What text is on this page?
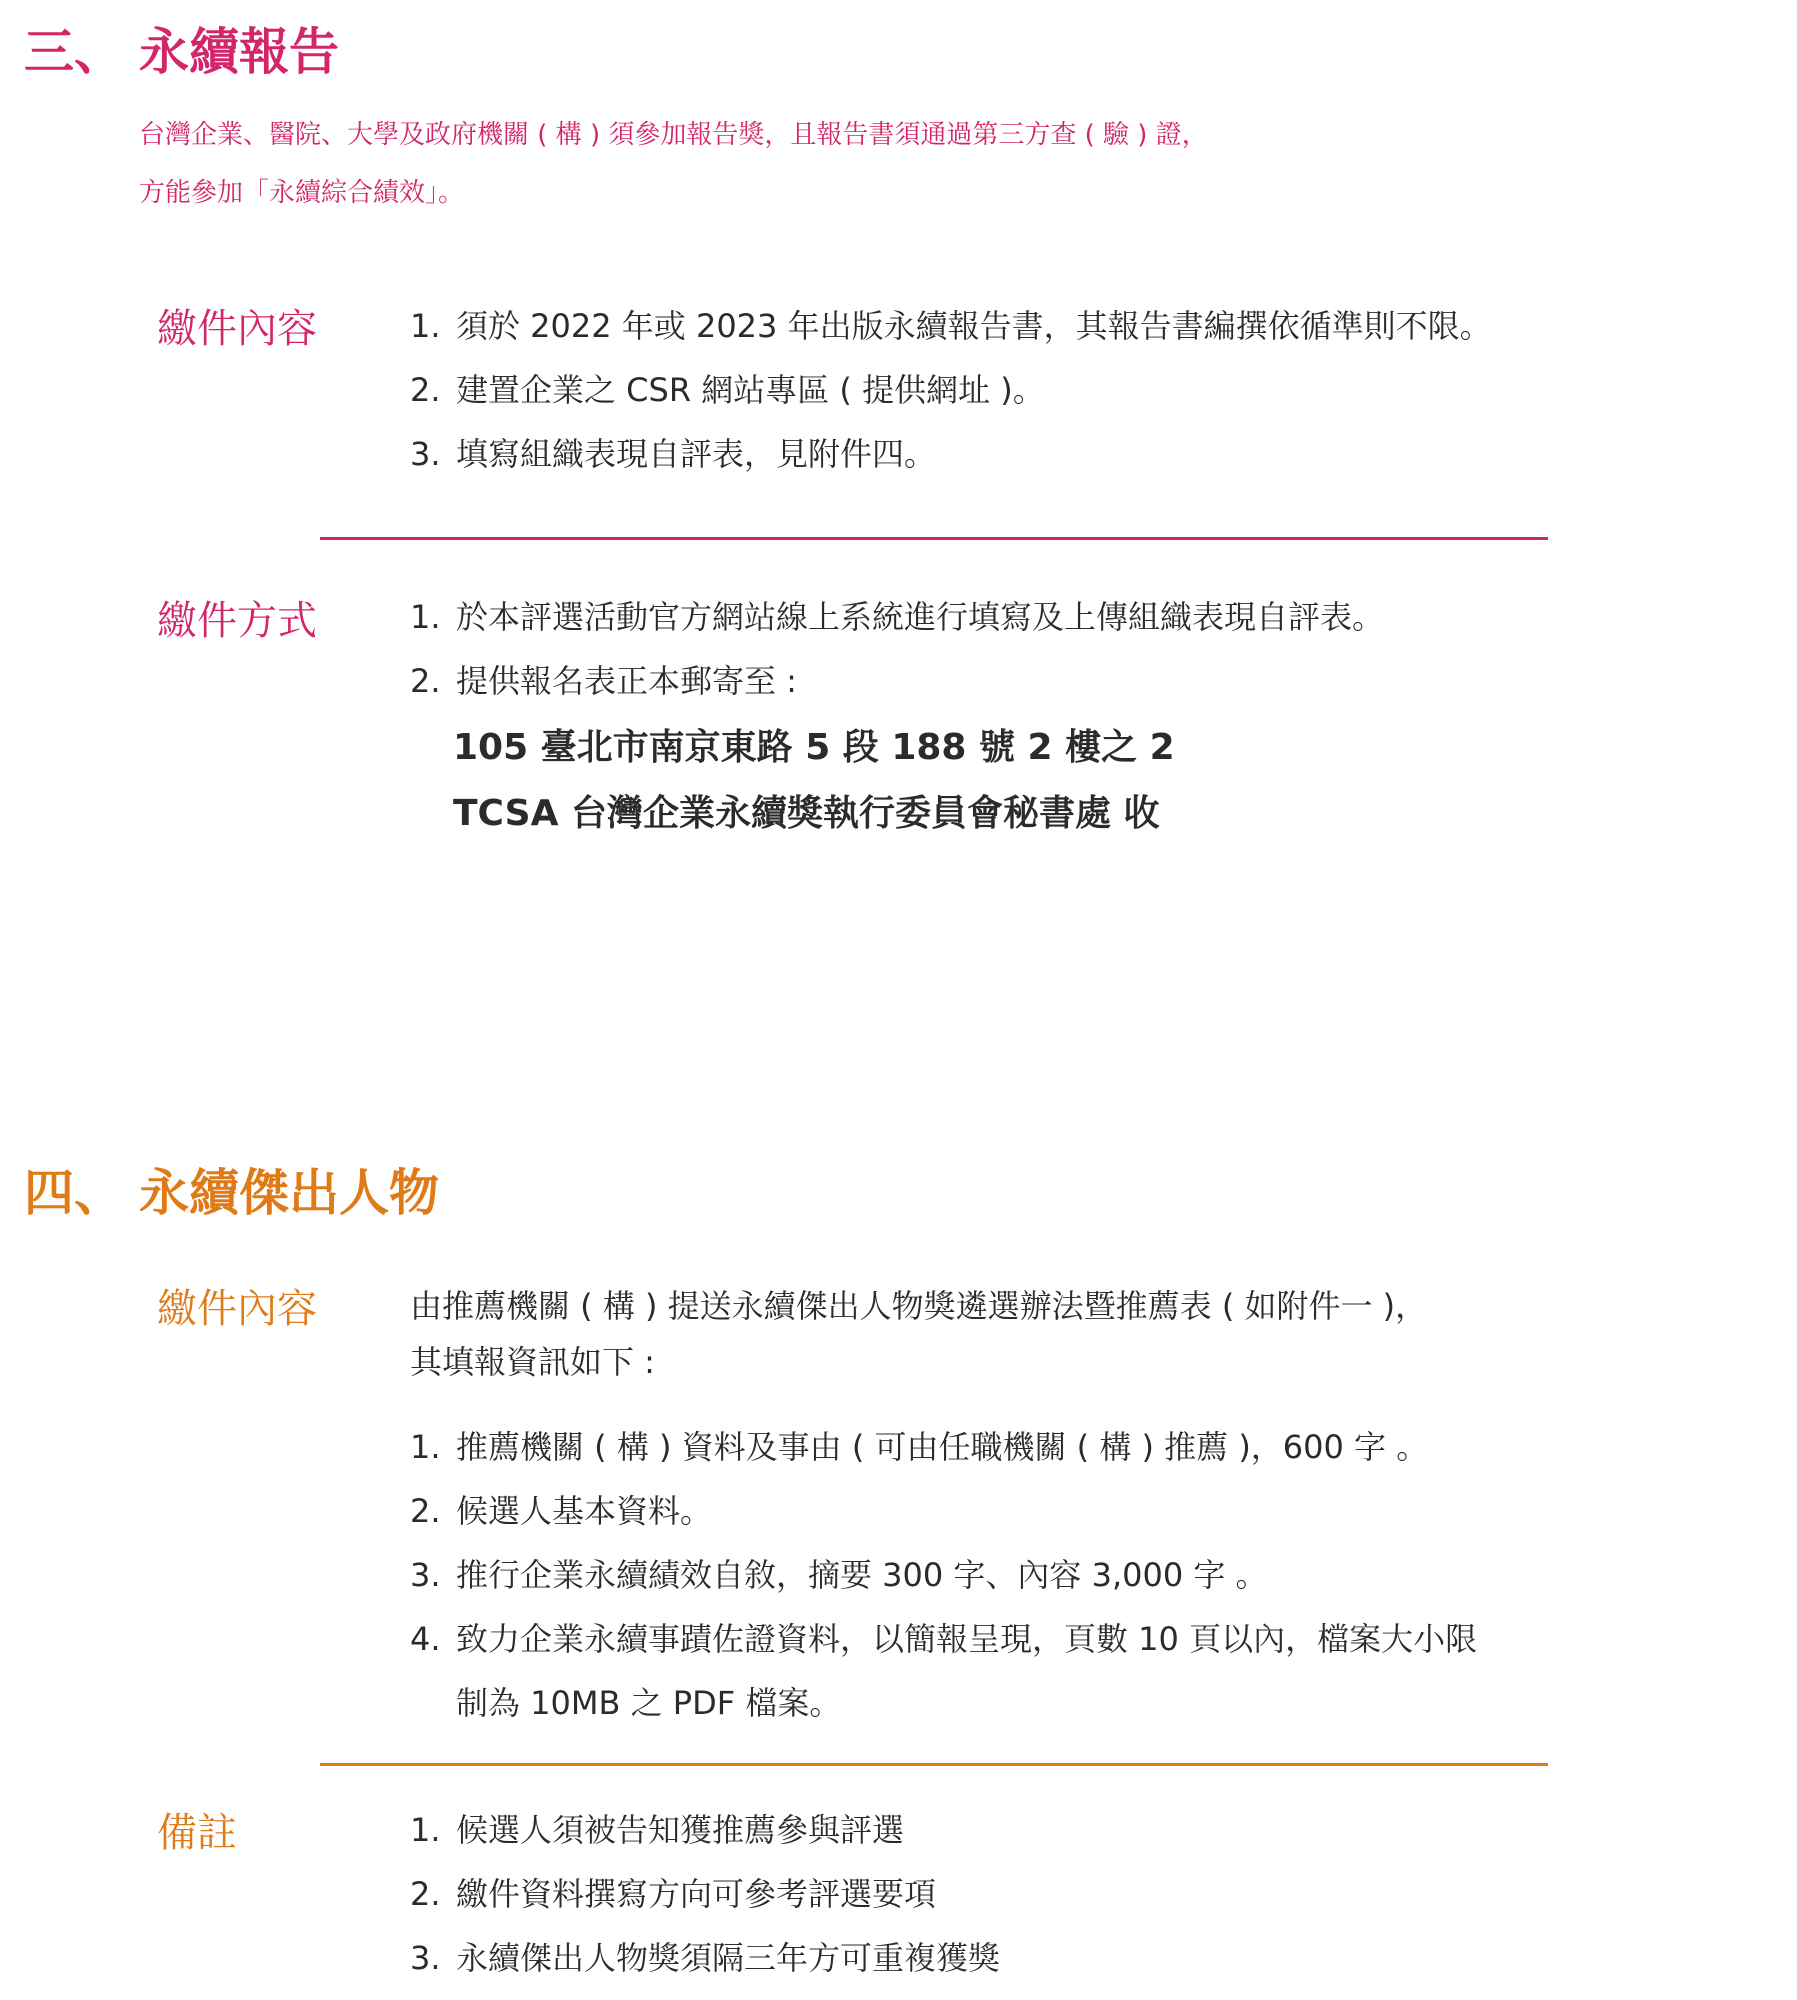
三、 永續報告
台灣企業、醫院、大學及政府機關 ( 構 ) 須參加報告獎，且報告書須通過第三方查 ( 驗 ) 證，
方能參加「永續綜合績效」。
繳件內容	1. 須於 2022 年或 2023 年出版永續報告書，其報告書編撰依循準則不限。
2. 建置企業之 CSR 網站專區 ( 提供網址 )。
3. 填寫組織表現自評表，見附件四。
繳件方式	1. 於本評選活動官方網站線上系統進行填寫及上傳組織表現自評表。
2. 提供報名表正本郵寄至 :
105 臺北市南京東路 5 段 188 號 2 樓之 2
TCSA 台灣企業永續獎執行委員會秘書處 收
四、 永續傑出人物
繳件內容	由推薦機關 ( 構 ) 提送永續傑出人物獎遴選辦法暨推薦表 ( 如附件一 )，
其填報資訊如下 :
1. 推薦機關 ( 構 ) 資料及事由 ( 可由任職機關 ( 構 ) 推薦 )，600 字 。
2. 候選人基本資料。
3. 推行企業永續績效自敘，摘要 300 字、內容 3,000 字 。
4. 致力企業永續事蹟佐證資料，以簡報呈現，頁數 10 頁以內，檔案大小限
制為 10MB 之 PDF 檔案。
備註	1. 候選人須被告知獲推薦參與評選
2. 繳件資料撰寫方向可參考評選要項
3. 永續傑出人物獎須隔三年方可重複獲獎
